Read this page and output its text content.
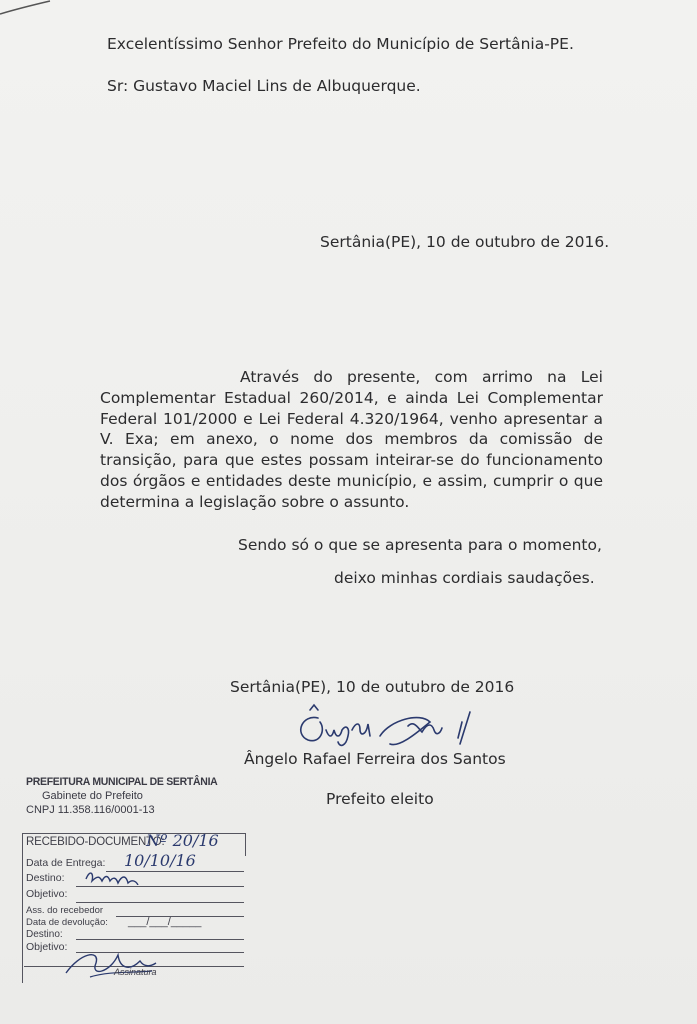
Excelentíssimo Senhor Prefeito do Município de Sertânia-PE.
Sr: Gustavo Maciel Lins de Albuquerque.
Sertânia(PE), 10 de outubro de 2016.
Através do presente, com arrimo na Lei Complementar Estadual 260/2014, e ainda Lei Complementar Federal 101/2000 e Lei Federal 4.320/1964, venho apresentar a V. Exa; em anexo, o nome dos membros da comissão de transição, para que estes possam inteirar-se do funcionamento dos órgãos e entidades deste município, e assim, cumprir o que determina a legislação sobre o assunto.
Sendo só o que se apresenta para o momento,
deixo minhas cordiais saudações.
Sertânia(PE), 10 de outubro de 2016
Ângelo Rafael Ferreira dos Santos
Prefeito eleito
PREFEITURA MUNICIPAL DE SERTÂNIA
Gabinete do Prefeito
CNPJ 11.358.116/0001-13
RECEBIDO-DOCUMENTO:
Nº 20/16
Data de Entrega: 10/10/16
Destino:
Objetivo:
Ass. do recebedor
Data de devolução: ___/___/_____
Destino:
Objetivo:
Assinatura
